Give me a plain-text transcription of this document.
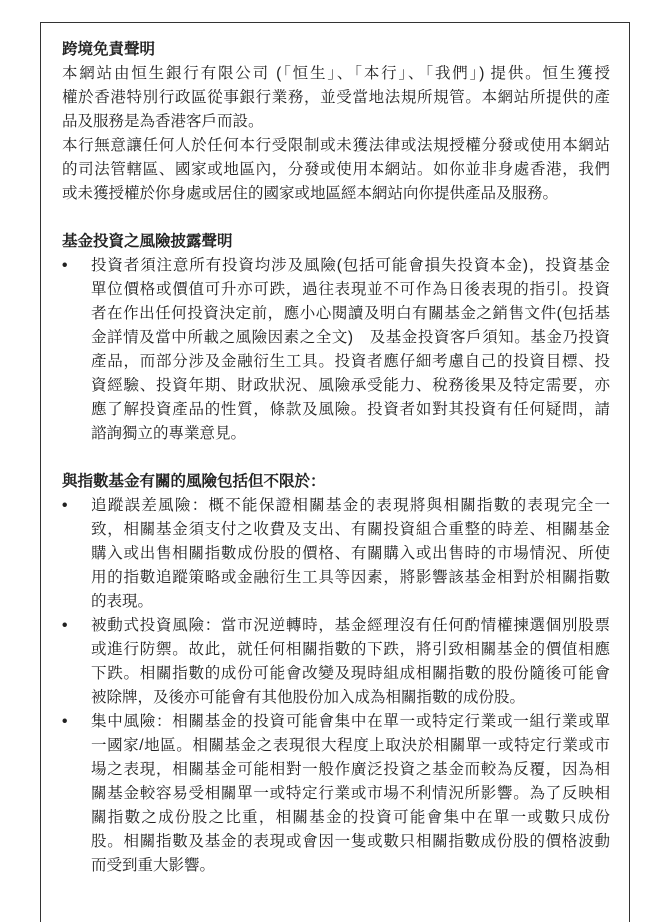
跨境免責聲明
本網站由恒生銀行有限公司 (「恒生」、「本行」、「我們」) 提供。恒生獲授
權於香港特別行政區從事銀行業務，並受當地法規所規管。本網站所提供的產
品及服務是為香港客戶而設。
本行無意讓任何人於任何本行受限制或未獲法律或法規授權分發或使用本網站
的司法管轄區、國家或地區內，分發或使用本網站。如你並非身處香港，我們
或未獲授權於你身處或居住的國家或地區經本網站向你提供產品及服務。
基金投資之風險披露聲明
• 投資者須注意所有投資均涉及風險(包括可能會損失投資本金)，投資基金
單位價格或價值可升亦可跌，過往表現並不可作為日後表現的指引。投資
者在作出任何投資決定前，應小心閱讀及明白有關基金之銷售文件(包括基
金詳情及當中所載之風險因素之全文)　及基金投資客戶須知。基金乃投資
產品，而部分涉及金融衍生工具。投資者應仔細考慮自己的投資目標、投
資經驗、投資年期、財政狀況、風險承受能力、稅務後果及特定需要，亦
應了解投資產品的性質，條款及風險。投資者如對其投資有任何疑問，請
諮詢獨立的專業意見。
與指數基金有關的風險包括但不限於：
• 追蹤誤差風險：概不能保證相關基金的表現將與相關指數的表現完全一
致，相關基金須支付之收費及支出、有關投資組合重整的時差、相關基金
購入或出售相關指數成份股的價格、有關購入或出售時的市場情況、所使
用的指數追蹤策略或金融衍生工具等因素，將影響該基金相對於相關指數
的表現。
• 被動式投資風險：當市況逆轉時，基金經理沒有任何酌情權揀選個別股票
或進行防禦。故此，就任何相關指數的下跌，將引致相關基金的價值相應
下跌。相關指數的成份可能會改變及現時組成相關指數的股份隨後可能會
被除牌，及後亦可能會有其他股份加入成為相關指數的成份股。
• 集中風險：相關基金的投資可能會集中在單一或特定行業或一組行業或單
一國家/地區。相關基金之表現很大程度上取決於相關單一或特定行業或市
場之表現，相關基金可能相對一般作廣泛投資之基金而較為反覆，因為相
關基金較容易受相關單一或特定行業或市場不利情況所影響。為了反映相
關指數之成份股之比重，相關基金的投資可能會集中在單一或數只成份
股。相關指數及基金的表現或會因一隻或數只相關指數成份股的價格波動
而受到重大影響。
